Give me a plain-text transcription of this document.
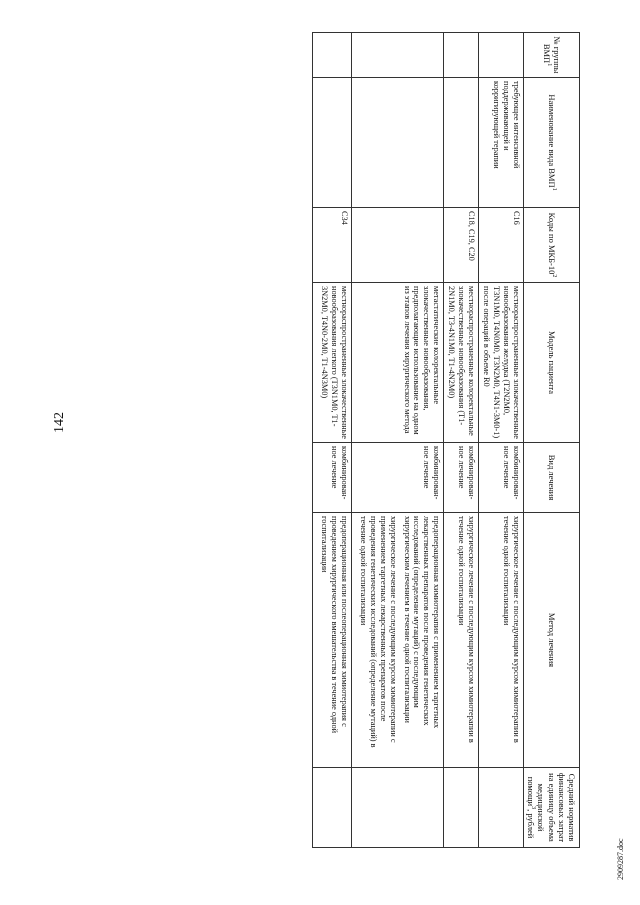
142
2909287.doc
№ группы ВМП$^1$	Наименование вида ВМП$^1$	Коды по МКБ-$10^2$	Модель пациента	Вид лечения	Метод лечения	Средний норматив финансовых затрат на единицу объема медицинской помощи$^3$, рублей
	требующее интенсивной поддерживающей и корригирующей терапии	C16	местнораспространенные злокачественные новообразования желудка (T2N2M0, T3N1M0, T4N0M0, T3N2M0, T4N1-3M0-1) после операций в объеме R0	комбинирован-ное лечение	хирургическое лечение с последующим курсом химиотерапии в течение одной госпитализации	

		C18, C19, C20	местнораспространенные колоректальные злокачественные новообразования (T1-2N1M0, T3-4N1M0, T1-4N2M0)	комбинирован-ное лечение	хирургическое лечение с последующим курсом химиотерапии в течение одной госпитализации	

			метастатические колоректальные злокачественные новообразования, предполагающие использование на одном из этапов лечения хирургического метода	комбинирован-ное лечение	предоперационная химиотерапия с применением таргетных лекарственных препаратов после проведения генетических исследований (определение мутаций) с последующим хирургическим лечением в течение одной госпитализации
хирургическое лечение с последующим курсом химиотерапии с применением таргетных лекарственных препаратов после проведения генетических исследований (определение мутаций) в течение одной госпитализации	

		C34	местнораспространенные злокачественные новообразования легкого (T3N1M0, T1-3N2M0, T4N0-2M0, T1-4N3M0)	комбинирован-ное лечение	предоперационная или послеоперационная химиотерапия с проведением хирургического вмешательства в течение одной госпитализации	
